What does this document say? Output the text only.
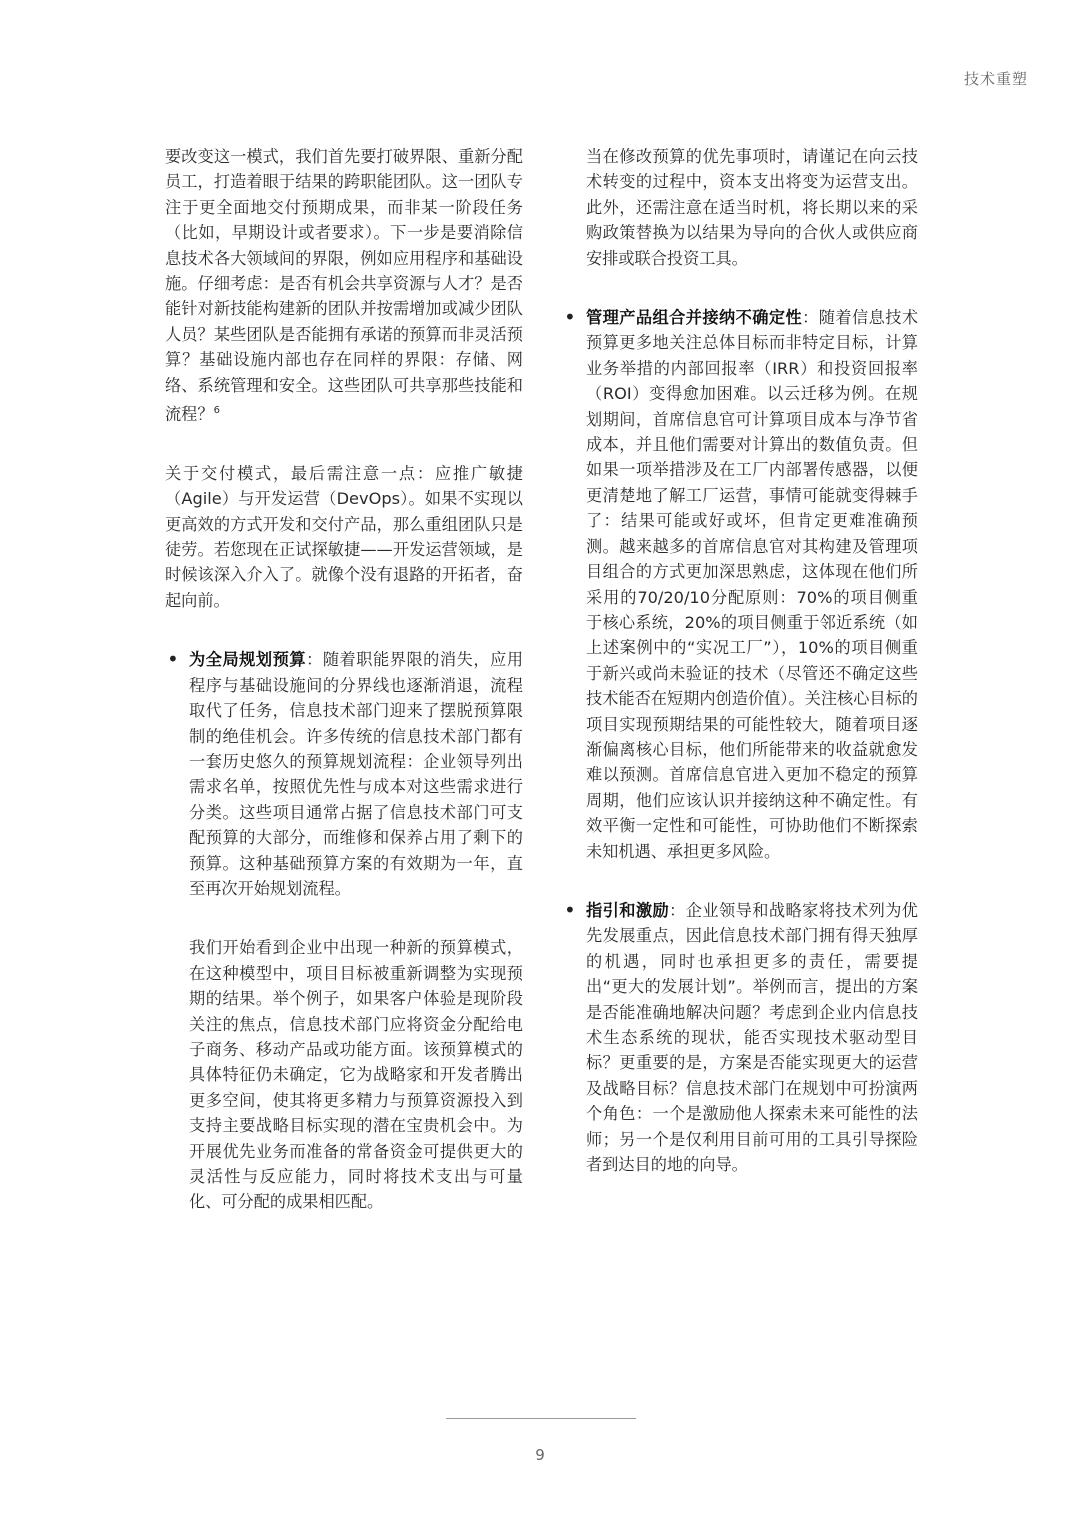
技术重塑

要改变这一模式，我们首先要打破界限、重新分配员工，打造着眼于结果的跨职能团队。这一团队专注于更全面地交付预期成果，而非某一阶段任务（比如，早期设计或者要求）。下一步是要消除信息技术各大领域间的界限，例如应用程序和基础设施。仔细考虑：是否有机会共享资源与人才？是否能针对新技能构建新的团队并按需增加或减少团队人员？某些团队是否能拥有承诺的预算而非灵活预算？基础设施内部也存在同样的界限：存储、网络、系统管理和安全。这些团队可共享那些技能和流程？$^6$

关于交付模式，最后需注意一点：应推广敏捷（Agile）与开发运营（DevOps）。如果不实现以更高效的方式开发和交付产品，那么重组团队只是徒劳。若您现在正试探敏捷——开发运营领域，是时候该深入介入了。就像个没有退路的开拓者，奋起向前。

• 为全局规划预算：随着职能界限的消失，应用程序与基础设施间的分界线也逐渐消退，流程取代了任务，信息技术部门迎来了摆脱预算限制的绝佳机会。许多传统的信息技术部门都有一套历史悠久的预算规划流程：企业领导列出需求名单，按照优先性与成本对这些需求进行分类。这些项目通常占据了信息技术部门可支配预算的大部分，而维修和保养占用了剩下的预算。这种基础预算方案的有效期为一年，直至再次开始规划流程。

我们开始看到企业中出现一种新的预算模式，在这种模型中，项目目标被重新调整为实现预期的结果。举个例子，如果客户体验是现阶段关注的焦点，信息技术部门应将资金分配给电子商务、移动产品或功能方面。该预算模式的具体特征仍未确定，它为战略家和开发者腾出更多空间，使其将更多精力与预算资源投入到支持主要战略目标实现的潜在宝贵机会中。为开展优先业务而准备的常备资金可提供更大的灵活性与反应能力，同时将技术支出与可量化、可分配的成果相匹配。

当在修改预算的优先事项时，请谨记在向云技术转变的过程中，资本支出将变为运营支出。此外，还需注意在适当时机，将长期以来的采购政策替换为以结果为导向的合伙人或供应商安排或联合投资工具。

• 管理产品组合并接纳不确定性：随着信息技术预算更多地关注总体目标而非特定目标，计算业务举措的内部回报率（IRR）和投资回报率（ROI）变得愈加困难。以云迁移为例。在规划期间，首席信息官可计算项目成本与净节省成本，并且他们需要对计算出的数值负责。但如果一项举措涉及在工厂内部署传感器，以便更清楚地了解工厂运营，事情可能就变得棘手了：结果可能或好或坏，但肯定更难准确预测。越来越多的首席信息官对其构建及管理项目组合的方式更加深思熟虑，这体现在他们所采用的70/20/10分配原则：70%的项目侧重于核心系统，20%的项目侧重于邻近系统（如上述案例中的“实况工厂”），10%的项目侧重于新兴或尚未验证的技术（尽管还不确定这些技术能否在短期内创造价值）。关注核心目标的项目实现预期结果的可能性较大，随着项目逐渐偏离核心目标，他们所能带来的收益就愈发难以预测。首席信息官进入更加不稳定的预算周期，他们应该认识并接纳这种不确定性。有效平衡一定性和可能性，可协助他们不断探索未知机遇、承担更多风险。

• 指引和激励：企业领导和战略家将技术列为优先发展重点，因此信息技术部门拥有得天独厚的机遇，同时也承担更多的责任，需要提出“更大的发展计划”。举例而言，提出的方案是否能准确地解决问题？考虑到企业内信息技术生态系统的现状，能否实现技术驱动型目标？更重要的是，方案是否能实现更大的运营及战略目标？信息技术部门在规划中可扮演两个角色：一个是激励他人探索未来可能性的法师；另一个是仅利用目前可用的工具引导探险者到达目的地的向导。

9
